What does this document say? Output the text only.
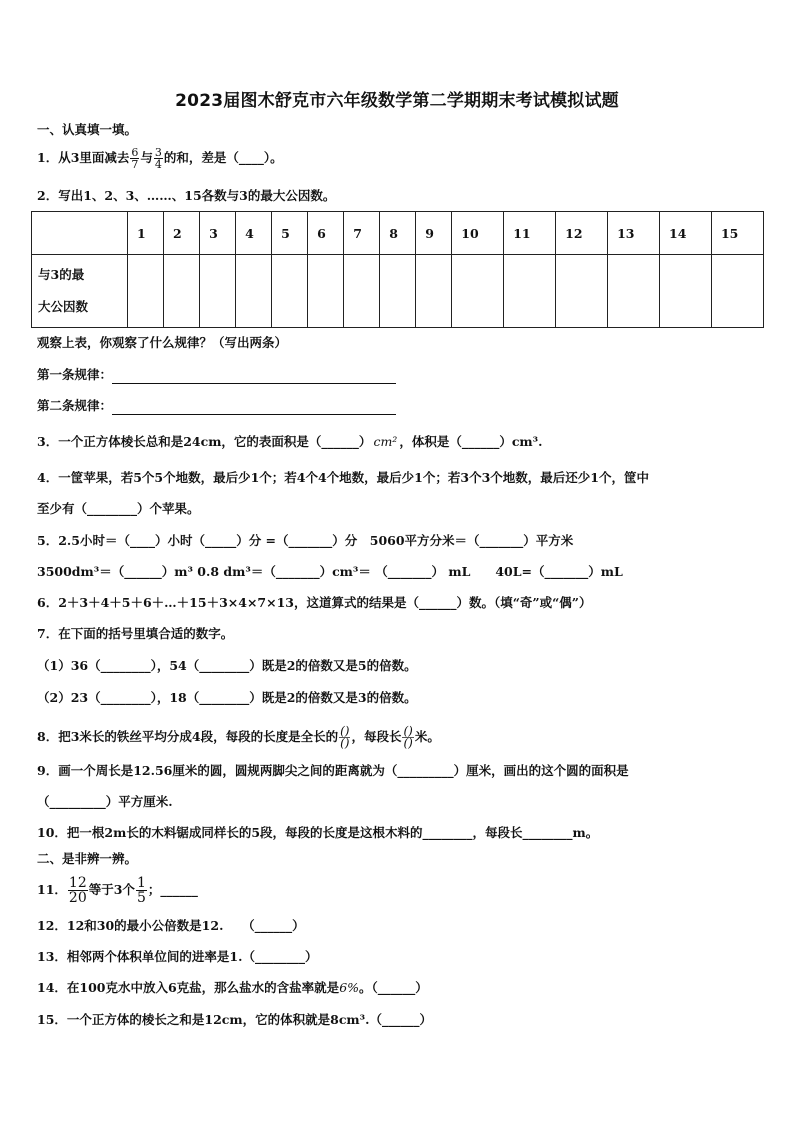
2023届图木舒克市六年级数学第二学期期末考试模拟试题
一、认真填一填。
1．从3里面减去 $\frac{6}{7}$ 与 $\frac{3}{4}$ 的和，差是（____）。
2．写出1、2、3、……、15各数与3的最大公因数。
	1	2	3	4	5	6	7	8	9	10	11	12	13	14	15
与3的最
大公因数															
观察上表，你观察了什么规律？（写出两条）
第一条规律：
第二条规律：
3．一个正方体棱长总和是24cm，它的表面积是（______） cm² ，体积是（______）cm³.
4．一筐苹果，若5个5个地数，最后少1个；若4个4个地数，最后少1个；若3个3个地数，最后还少1个，筐中
至少有（________）个苹果。
5．2.5小时＝（____）小时（_____）分 =（_______）分　5060平方分米＝（_______）平方米
3500dm³＝（______）m³ 0.8 dm³＝（_______）cm³＝ （_______） mL　　40L=（_______）mL
6．2＋3＋4＋5＋6＋…＋15＋3×4×7×13，这道算式的结果是（______）数。（填“奇”或“偶”）
7．在下面的括号里填合适的数字。
（1）36（________），54（________）既是2的倍数又是5的倍数。
（2）23（________），18（________）既是2的倍数又是3的倍数。
8．把3米长的铁丝平均分成4段，每段的长度是全长的 $\frac{()}{()}$ ，每段长 $\frac{()}{()}$ 米。
9．画一个周长是12.56厘米的圆，圆规两脚尖之间的距离就为（_________）厘米，画出的这个圆的面积是
（_________）平方厘米.
10．把一根2m长的木料锯成同样长的5段，每段的长度是这根木料的________，每段长________m。
二、是非辨一辨。
11． $\frac{12}{20}$ 等于3个 $\frac{1}{5}$ ；______
12．12和30的最小公倍数是12.　　（______）
13．相邻两个体积单位间的进率是1.（________）
14．在100克水中放入6克盐，那么盐水的含盐率就是6%。（______）
15．一个正方体的棱长之和是12cm，它的体积就是8cm³.（______）
